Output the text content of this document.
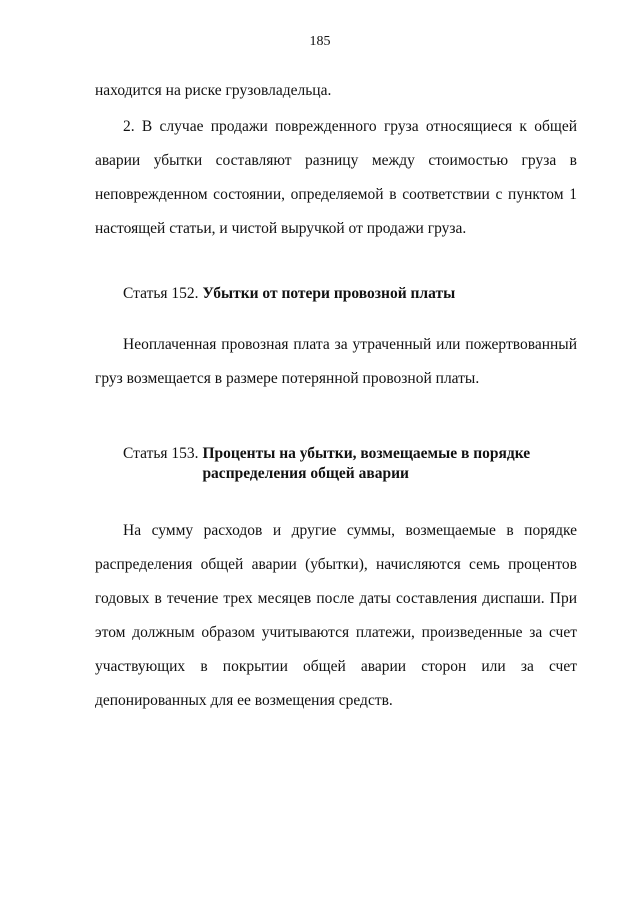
185

находится на риске грузовладельца.

2. В случае продажи поврежденного груза относящиеся к общей аварии убытки составляют разницу между стоимостью груза в неповрежденном состоянии, определяемой в соответствии с пунктом 1 настоящей статьи, и чистой выручкой от продажи груза.

Статья 152. Убытки от потери провозной платы

Неоплаченная провозная плата за утраченный или пожертвованный груз возмещается в размере потерянной провозной платы.

Статья 153. Проценты на убытки, возмещаемые в порядке
распределения общей аварии

На сумму расходов и другие суммы, возмещаемые в порядке распределения общей аварии (убытки), начисляются семь процентов годовых в течение трех месяцев после даты составления диспаши. При этом должным образом учитываются платежи, произведенные за счет участвующих в покрытии общей аварии сторон или за счет депонированных для ее возмещения средств.
